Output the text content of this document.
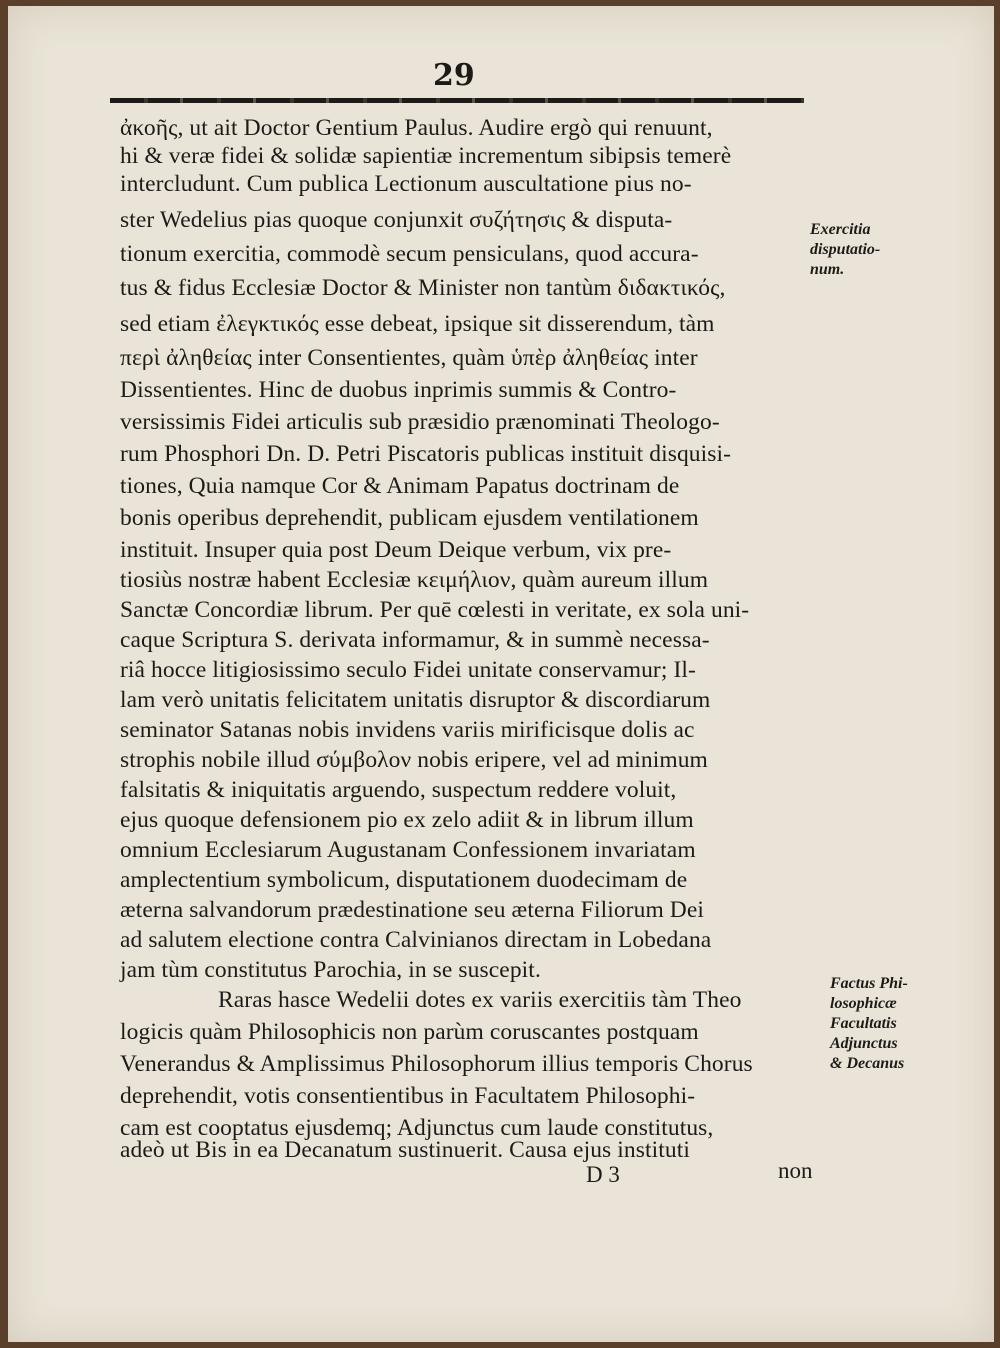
29
ἀκοῆς, ut ait Doctor Gentium Paulus. Audire ergò qui renuunt,
hi & veræ fidei & solidæ sapientiæ incrementum sibipsis temerè
intercludunt. Cum publica Lectionum auscultatione pius no-
ster Wedelius pias quoque conjunxit συζήτησις & disputa-
tionum exercitia, commodè secum pensiculans, quod accura-
tus & fidus Ecclesiæ Doctor & Minister non tantùm διδακτικός,
sed etiam ἐλεγκτικός esse debeat, ipsique sit disserendum, tàm
περὶ ἀληθείας inter Consentientes, quàm ὑπὲρ ἀληθείας inter
Dissentientes. Hinc de duobus inprimis summis & Contro-
versissimis Fidei articulis sub præsidio prænominati Theologo-
rum Phosphori Dn. D. Petri Piscatoris publicas instituit disquisi-
tiones, Quia namque Cor & Animam Papatus doctrinam de
bonis operibus deprehendit, publicam ejusdem ventilationem
instituit. Insuper quia post Deum Deique verbum, vix pre-
tiosiùs nostræ habent Ecclesiæ κειμήλιον, quàm aureum illum
Sanctæ Concordiæ librum. Per quē cœlesti in veritate, ex sola uni-
caque Scriptura S. derivata informamur, & in summè necessa-
riâ hocce litigiosissimo seculo Fidei unitate conservamur; Il-
lam verò unitatis felicitatem unitatis disruptor & discordiarum
seminator Satanas nobis invidens variis mirificisque dolis ac
strophis nobile illud σύμβολον nobis eripere, vel ad minimum
falsitatis & iniquitatis arguendo, suspectum reddere voluit,
ejus quoque defensionem pio ex zelo adiit & in librum illum
omnium Ecclesiarum Augustanam Confessionem invariatam
amplectentium symbolicum, disputationem duodecimam de
æterna salvandorum prædestinatione seu æterna Filiorum Dei
ad salutem electione contra Calvinianos directam in Lobedana
jam tùm constitutus Parochia, in se suscepit.
Raras hasce Wedelii dotes ex variis exercitiis tàm Theo
logicis quàm Philosophicis non parùm coruscantes postquam
Venerandus & Amplissimus Philosophorum illius temporis Chorus
deprehendit, votis consentientibus in Facultatem Philosophi-
cam est cooptatus ejusdemq; Adjunctus cum laude constitutus,
adeò ut Bis in ea Decanatum sustinuerit. Causa ejus instituti
D 3	non
Exercitia
disputatio-
num.
Factus Phi-
losophicæ
Facultatis
Adjunctus
& Decanus
